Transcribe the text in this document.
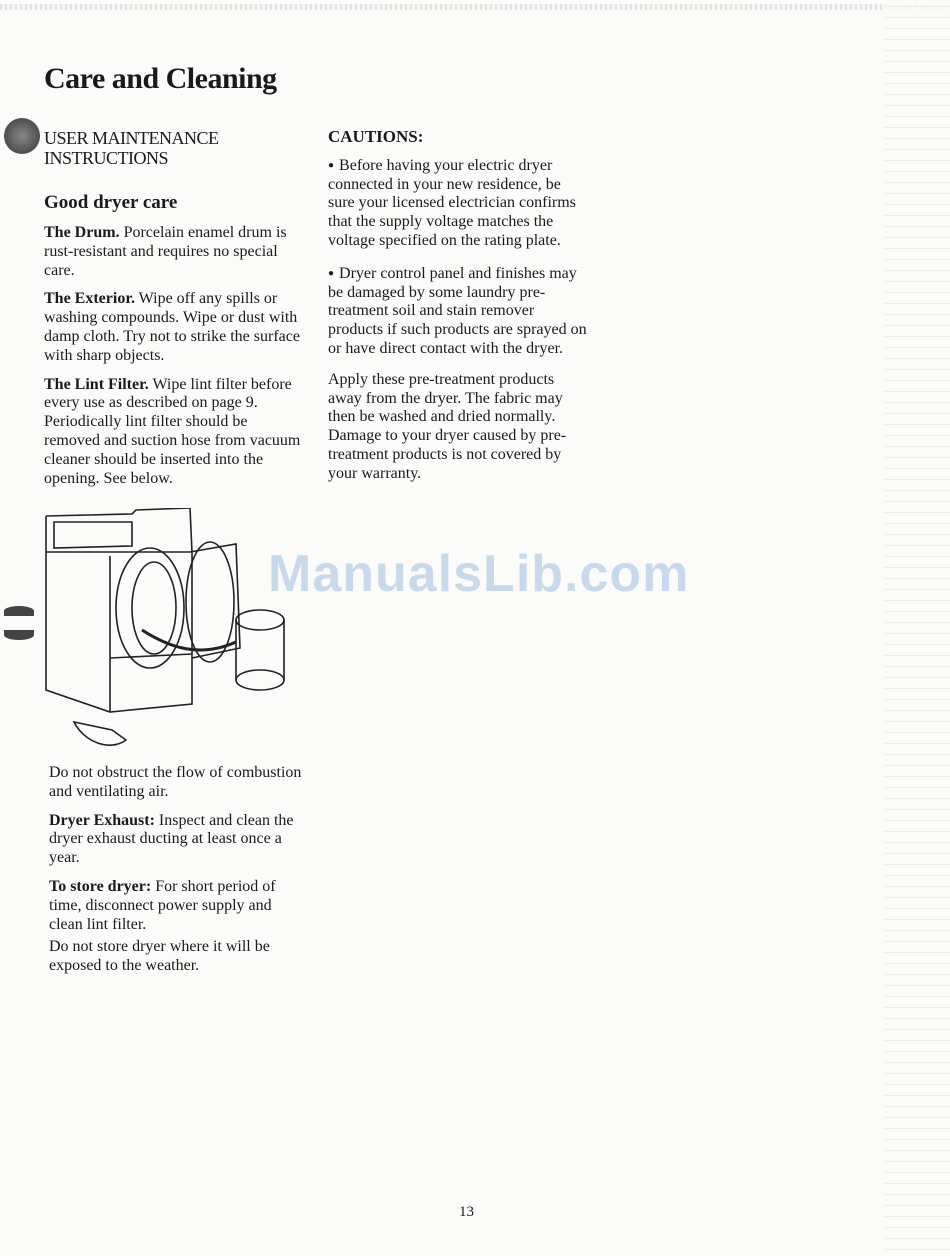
Care and Cleaning
USER MAINTENANCE INSTRUCTIONS
Good dryer care

The Drum. Porcelain enamel drum is rust-resistant and requires no special care.

The Exterior. Wipe off any spills or washing compounds. Wipe or dust with damp cloth. Try not to strike the surface with sharp objects.

The Lint Filter. Wipe lint filter before every use as described on page 9. Periodically lint filter should be removed and suction hose from vacuum cleaner should be inserted into the opening. See below.

Do not obstruct the flow of combustion and ventilating air.

Dryer Exhaust: Inspect and clean the dryer exhaust ducting at least once a year.

To store dryer: For short period of time, disconnect power supply and clean lint filter.

Do not store dryer where it will be exposed to the weather.

CAUTIONS:

● Before having your electric dryer connected in your new residence, be sure your licensed electrician confirms that the supply voltage matches the voltage specified on the rating plate.

● Dryer control panel and finishes may be damaged by some laundry pre-treatment soil and stain remover products if such products are sprayed on or have direct contact with the dryer.

Apply these pre-treatment products away from the dryer. The fabric may then be washed and dried normally. Damage to your dryer caused by pre-treatment products is not covered by your warranty.

ManualsLib.com
13
